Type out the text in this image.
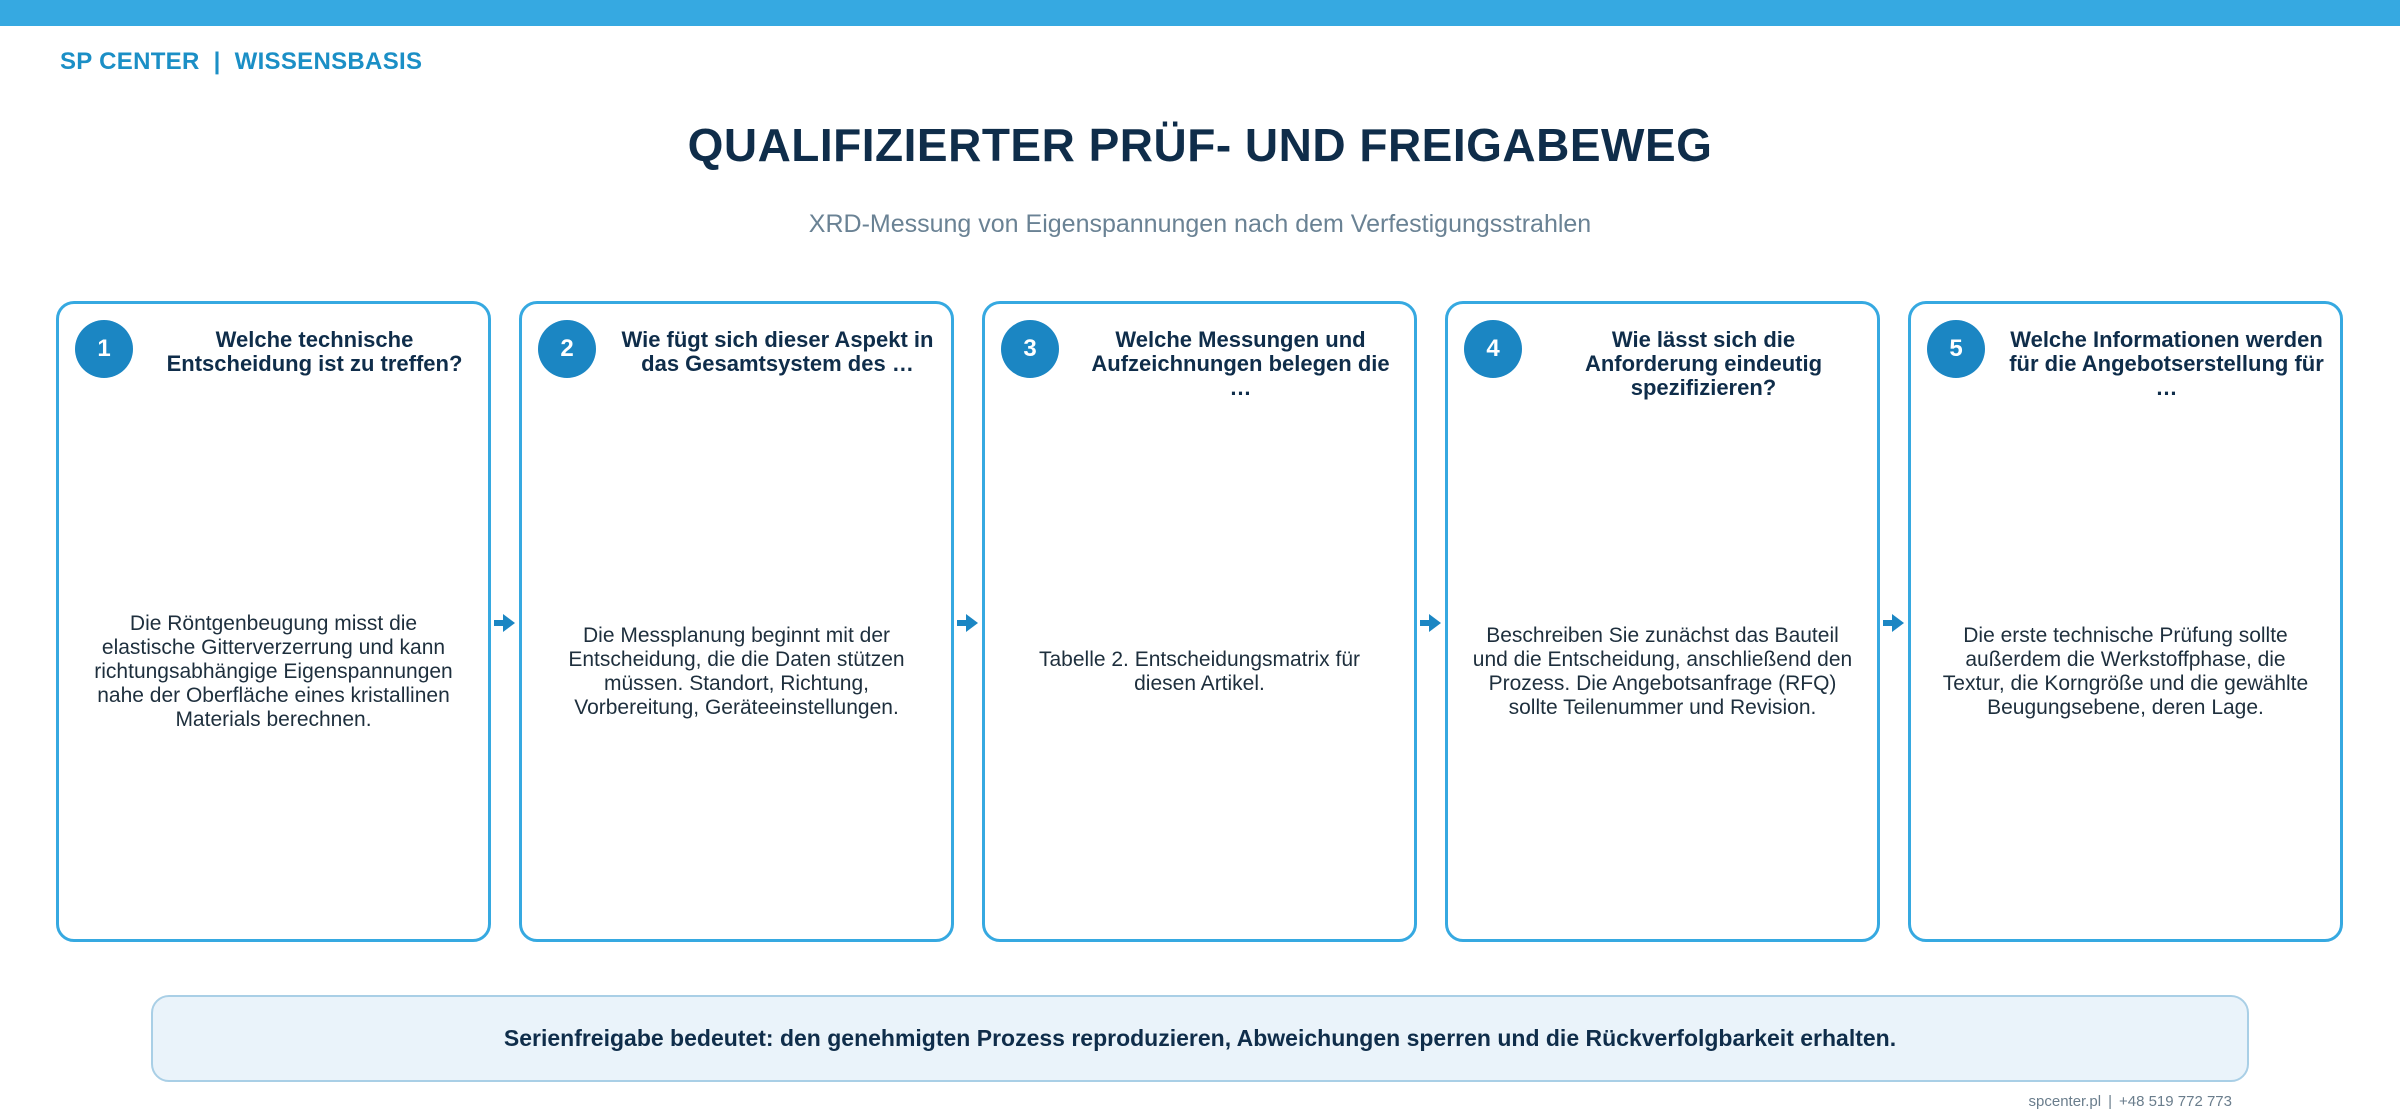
SP CENTER | WISSENSBASIS
QUALIFIZIERTER PRÜF- UND FREIGABEWEG
XRD-Messung von Eigenspannungen nach dem Verfestigungsstrahlen
1	Welche technische Entscheidung ist zu treffen?
Die Röntgenbeugung misst die elastische Gitterverzerrung und kann richtungsabhängige Eigenspannungen nahe der Oberfläche eines kristallinen Materials berechnen.
2	Wie fügt sich dieser Aspekt in das Gesamtsystem des …
Die Messplanung beginnt mit der Entscheidung, die die Daten stützen müssen. Standort, Richtung, Vorbereitung, Geräteeinstellungen.
3	Welche Messungen und Aufzeichnungen belegen die …
Tabelle 2. Entscheidungsmatrix für diesen Artikel.
4	Wie lässt sich die Anforderung eindeutig spezifizieren?
Beschreiben Sie zunächst das Bauteil und die Entscheidung, anschließend den Prozess. Die Angebotsanfrage (RFQ) sollte Teilenummer und Revision.
5	Welche Informationen werden für die Angebotserstellung für …
Die erste technische Prüfung sollte außerdem die Werkstoffphase, die Textur, die Korngröße und die gewählte Beugungsebene, deren Lage.
Serienfreigabe bedeutet: den genehmigten Prozess reproduzieren, Abweichungen sperren und die Rückverfolgbarkeit erhalten.
spcenter.pl | +48 519 772 773
